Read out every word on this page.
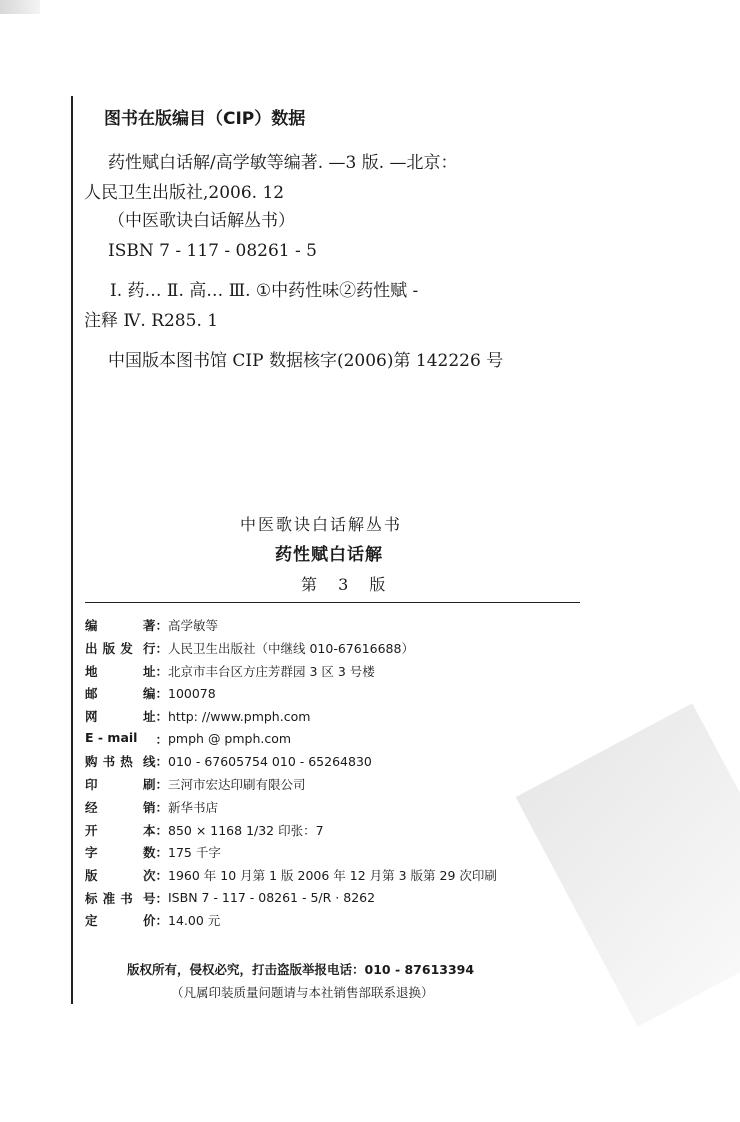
图书在版编目（CIP）数据
药性赋白话解/高学敏等编著. —3 版. —北京：
人民卫生出版社,2006. 12
（中医歌诀白话解丛书）
ISBN 7 - 117 - 08261 - 5
Ⅰ. 药… Ⅱ. 高… Ⅲ. ①中药性味②药性赋 -
注释 Ⅳ. R285. 1
中国版本图书馆 CIP 数据核字(2006)第 142226 号
中医歌诀白话解丛书
药性赋白话解
第 3 版
编	著 ： 高学敏等
出 版 发 行 ： 人民卫生出版社（中继线 010-67616688）
地	址 ： 北京市丰台区方庄芳群园 3 区 3 号楼
邮	编 ： 100078
网	址 ： http: //www.pmph.com
E - mail	： pmph @ pmph.com
购 书 热 线 ： 010 - 67605754 010 - 65264830
印	刷 ： 三河市宏达印刷有限公司
经	销 ： 新华书店
开	本 ： 850 × 1168 1/32 印张：7
字	数 ： 175 千字
版	次 ： 1960 年 10 月第 1 版 2006 年 12 月第 3 版第 29 次印刷
标 准 书 号 ： ISBN 7 - 117 - 08261 - 5/R · 8262
定	价 ： 14.00 元
版权所有，侵权必究，打击盗版举报电话：010 - 87613394
（凡属印装质量问题请与本社销售部联系退换）
